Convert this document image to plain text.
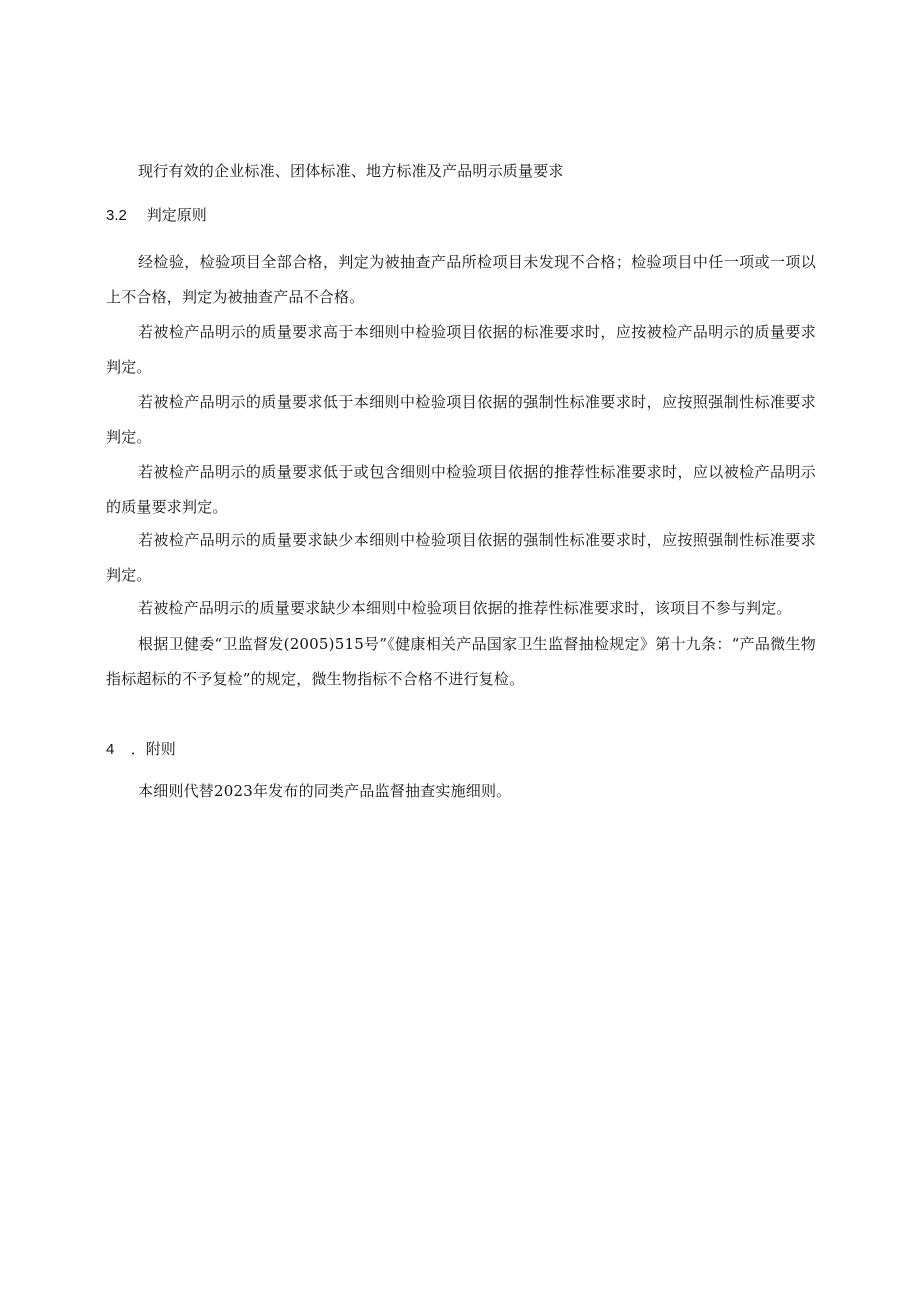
现行有效的企业标准、团体标准、地方标准及产品明示质量要求
3.2 判定原则
经检验，检验项目全部合格，判定为被抽查产品所检项目未发现不合格；检验项目中任一项或一项以上不合格，判定为被抽查产品不合格。
若被检产品明示的质量要求高于本细则中检验项目依据的标准要求时，应按被检产品明示的质量要求判定。
若被检产品明示的质量要求低于本细则中检验项目依据的强制性标准要求时，应按照强制性标准要求判定。
若被检产品明示的质量要求低于或包含细则中检验项目依据的推荐性标准要求时，应以被检产品明示的质量要求判定。
若被检产品明示的质量要求缺少本细则中检验项目依据的强制性标准要求时，应按照强制性标准要求判定。
若被检产品明示的质量要求缺少本细则中检验项目依据的推荐性标准要求时，该项目不参与判定。
根据卫健委“卫监督发(2005)515号”《健康相关产品国家卫生监督抽检规定》第十九条：“产品微生物指标超标的不予复检”的规定，微生物指标不合格不进行复检。
4 ．附则
本细则代替2023年发布的同类产品监督抽查实施细则。
